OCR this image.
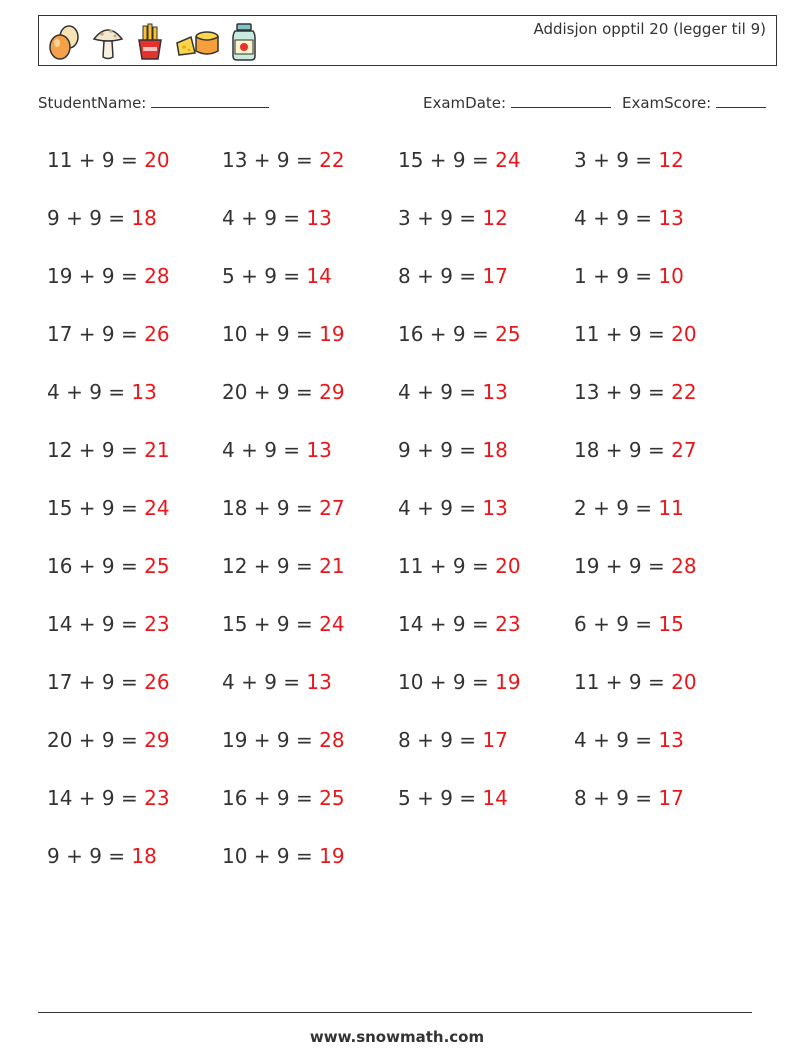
Addisjon opptil 20 (legger til 9)
StudentName:	ExamDate:	ExamScore:
11 + 9 = 20	13 + 9 = 22	15 + 9 = 24	3 + 9 = 12
9 + 9 = 18	4 + 9 = 13	3 + 9 = 12	4 + 9 = 13
19 + 9 = 28	5 + 9 = 14	8 + 9 = 17	1 + 9 = 10
17 + 9 = 26	10 + 9 = 19	16 + 9 = 25	11 + 9 = 20
4 + 9 = 13	20 + 9 = 29	4 + 9 = 13	13 + 9 = 22
12 + 9 = 21	4 + 9 = 13	9 + 9 = 18	18 + 9 = 27
15 + 9 = 24	18 + 9 = 27	4 + 9 = 13	2 + 9 = 11
16 + 9 = 25	12 + 9 = 21	11 + 9 = 20	19 + 9 = 28
14 + 9 = 23	15 + 9 = 24	14 + 9 = 23	6 + 9 = 15
17 + 9 = 26	4 + 9 = 13	10 + 9 = 19	11 + 9 = 20
20 + 9 = 29	19 + 9 = 28	8 + 9 = 17	4 + 9 = 13
14 + 9 = 23	16 + 9 = 25	5 + 9 = 14	8 + 9 = 17
9 + 9 = 18	10 + 9 = 19
www.snowmath.com
